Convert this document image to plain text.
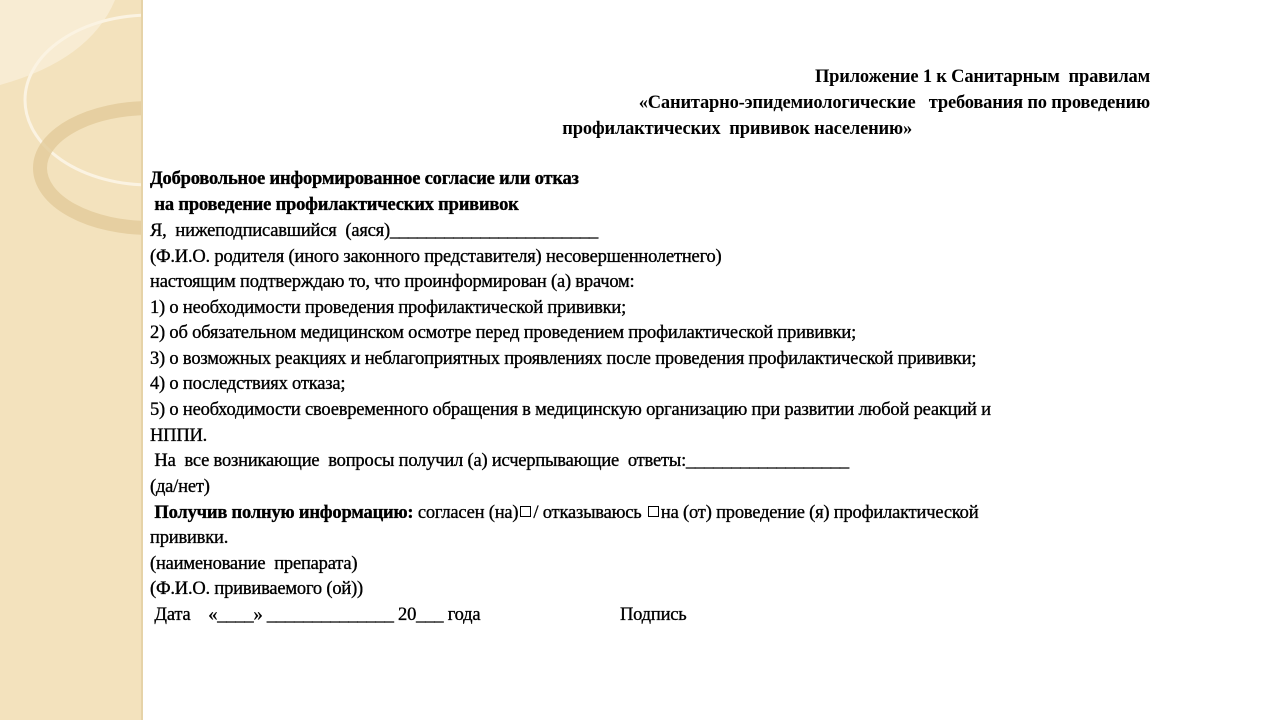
Приложение 1 к Санитарным  правилам
«Санитарно-эпидемиологические   требования по проведению
профилактических  прививок населению»
Добровольное информированное согласие или отказ
на проведение профилактических прививок
Я,  нижеподписавшийся  (аяся)_______________________
(Ф.И.О. родителя (иного законного представителя) несовершеннолетнего)
настоящим подтверждаю то, что проинформирован (а) врачом:
1) о необходимости проведения профилактической прививки;
2) об обязательном медицинском осмотре перед проведением профилактической прививки;
3) о возможных реакциях и неблагоприятных проявлениях после проведения профилактической прививки;
4) о последствиях отказа;
5) о необходимости своевременного обращения в медицинскую организацию при развитии любой реакций и
НППИ.
На  все возникающие  вопросы получил (а) исчерпывающие  ответы:__________________
(да/нет)
Получив полную информацию: согласен (на) / отказываюсь на (от) проведение (я) профилактической
прививки.
(наименование  препарата)
(Ф.И.О. прививаемого (ой))
Дата    «____» ______________ 20___ года	Подпись
